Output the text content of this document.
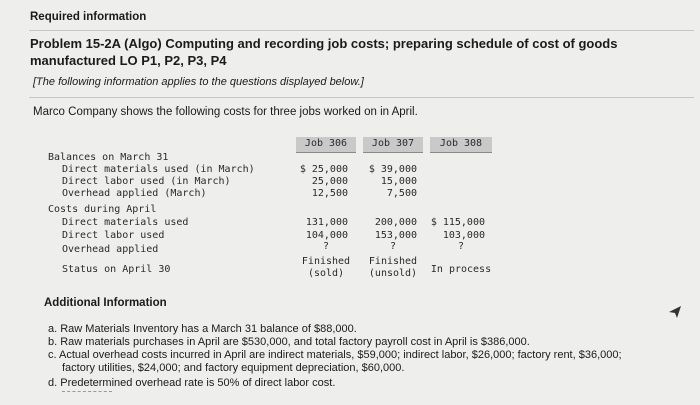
Required information
Problem 15-2A (Algo) Computing and recording job costs; preparing schedule of cost of goods
manufactured LO P1, P2, P3, P4
[The following information applies to the questions displayed below.]
Marco Company shows the following costs for three jobs worked on in April.
Job 306	Job 307	Job 308
Balances on March 31
Direct materials used (in March)
Direct labor used (in March)
Overhead applied (March)
Costs during April
Direct materials used
Direct labor used
Overhead applied
Status on April 30
$ 25,000
25,000
12,500
131,000
104,000
?
Finished
(sold)
$ 39,000
15,000
7,500
200,000
153,000
?
Finished
(unsold)
$ 115,000
103,000
?
In process
Additional Information
a. Raw Materials Inventory has a March 31 balance of $88,000.
b. Raw materials purchases in April are $530,000, and total factory payroll cost in April is $386,000.
c. Actual overhead costs incurred in April are indirect materials, $59,000; indirect labor, $26,000; factory rent, $36,000;
factory utilities, $24,000; and factory equipment depreciation, $60,000.
d. Predetermined overhead rate is 50% of direct labor cost.
